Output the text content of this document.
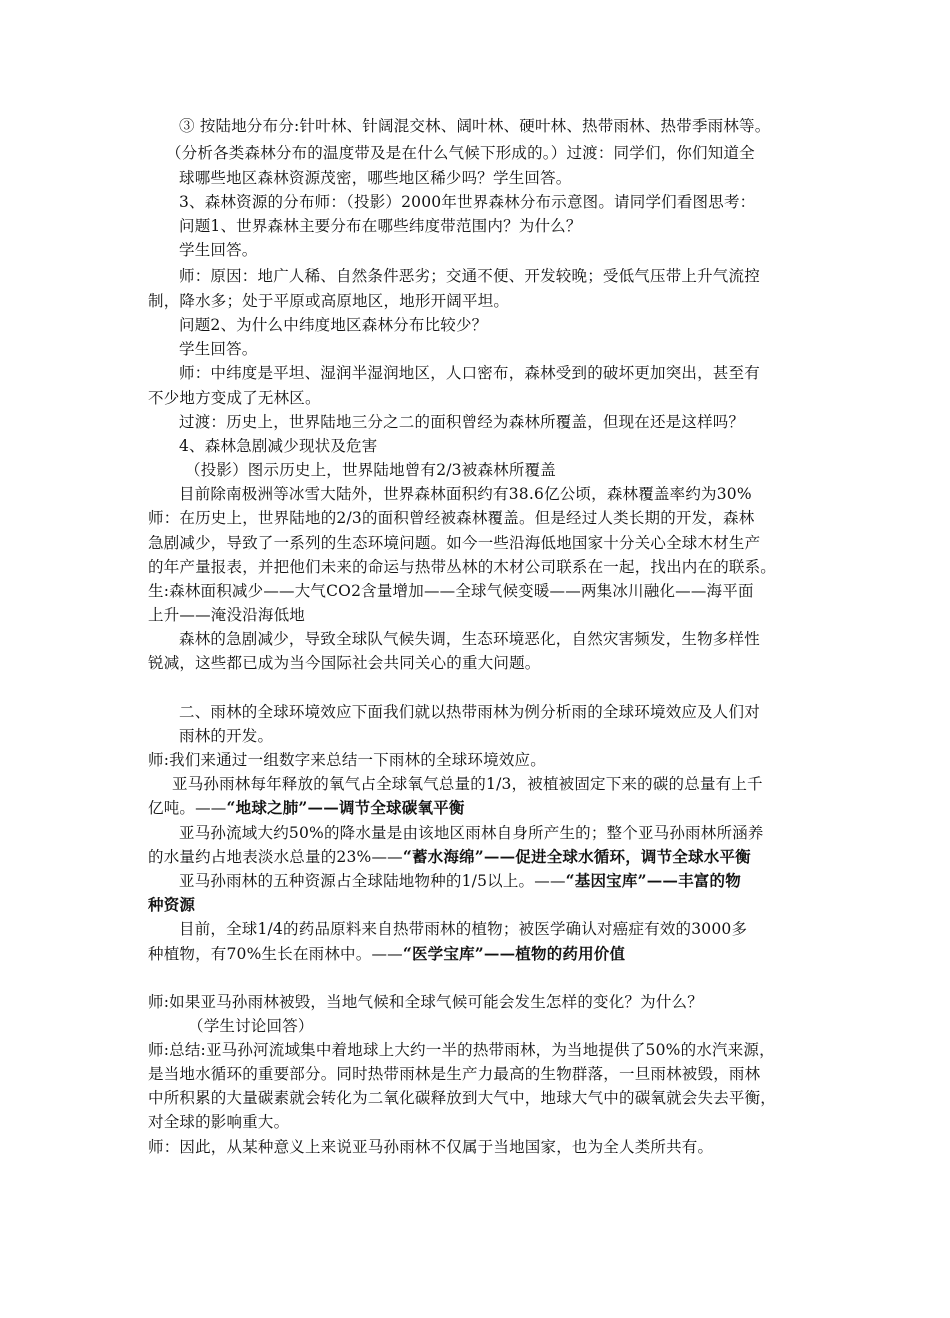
③ 按陆地分布分:针叶林、针阔混交林、阔叶林、硬叶林、热带雨林、热带季雨林等。
（分析各类森林分布的温度带及是在什么气候下形成的。）过渡：同学们，你们知道全
球哪些地区森林资源茂密，哪些地区稀少吗？学生回答。
3、森林资源的分布师：（投影）2000年世界森林分布示意图。请同学们看图思考：
问题1、世界森林主要分布在哪些纬度带范围内？为什么？
学生回答。
师：原因：地广人稀、自然条件恶劣；交通不便、开发较晚；受低气压带上升气流控
制，降水多；处于平原或高原地区，地形开阔平坦。
问题2、为什么中纬度地区森林分布比较少？
学生回答。
师：中纬度是平坦、湿润半湿润地区，人口密布，森林受到的破坏更加突出，甚至有
不少地方变成了无林区。
过渡：历史上，世界陆地三分之二的面积曾经为森林所覆盖，但现在还是这样吗？
4、森林急剧减少现状及危害
（投影）图示历史上，世界陆地曾有2/3被森林所覆盖
目前除南极洲等冰雪大陆外，世界森林面积约有38.6亿公顷，森林覆盖率约为30%
师：在历史上，世界陆地的2/3的面积曾经被森林覆盖。但是经过人类长期的开发，森林
急剧减少，导致了一系列的生态环境问题。如今一些沿海低地国家十分关心全球木材生产
的年产量报表，并把他们未来的命运与热带丛林的木材公司联系在一起，找出内在的联系。
生:森林面积减少——大气CO2含量增加——全球气候变暖——两集冰川融化——海平面
上升——淹没沿海低地
森林的急剧减少，导致全球队气候失调，生态环境恶化，自然灾害频发，生物多样性
锐减，这些都已成为当今国际社会共同关心的重大问题。
二、雨林的全球环境效应下面我们就以热带雨林为例分析雨的全球环境效应及人们对
雨林的开发。
师:我们来通过一组数字来总结一下雨林的全球环境效应。
亚马孙雨林每年释放的氧气占全球氧气总量的1/3，被植被固定下来的碳的总量有上千
亿吨。——“地球之肺”——调节全球碳氧平衡
亚马孙流域大约50%的降水量是由该地区雨林自身所产生的；整个亚马孙雨林所涵养
的水量约占地表淡水总量的23%——“蓄水海绵”——促进全球水循环，调节全球水平衡
亚马孙雨林的五种资源占全球陆地物种的1/5以上。——“基因宝库”——丰富的物
种资源
目前，全球1/4的药品原料来自热带雨林的植物；被医学确认对癌症有效的3000多
种植物，有70%生长在雨林中。——“医学宝库”——植物的药用价值
师:如果亚马孙雨林被毁，当地气候和全球气候可能会发生怎样的变化？为什么？
（学生讨论回答）
师:总结:亚马孙河流域集中着地球上大约一半的热带雨林，为当地提供了50%的水汽来源，
是当地水循环的重要部分。同时热带雨林是生产力最高的生物群落，一旦雨林被毁，雨林
中所积累的大量碳素就会转化为二氧化碳释放到大气中，地球大气中的碳氧就会失去平衡，
对全球的影响重大。
师：因此，从某种意义上来说亚马孙雨林不仅属于当地国家，也为全人类所共有。
